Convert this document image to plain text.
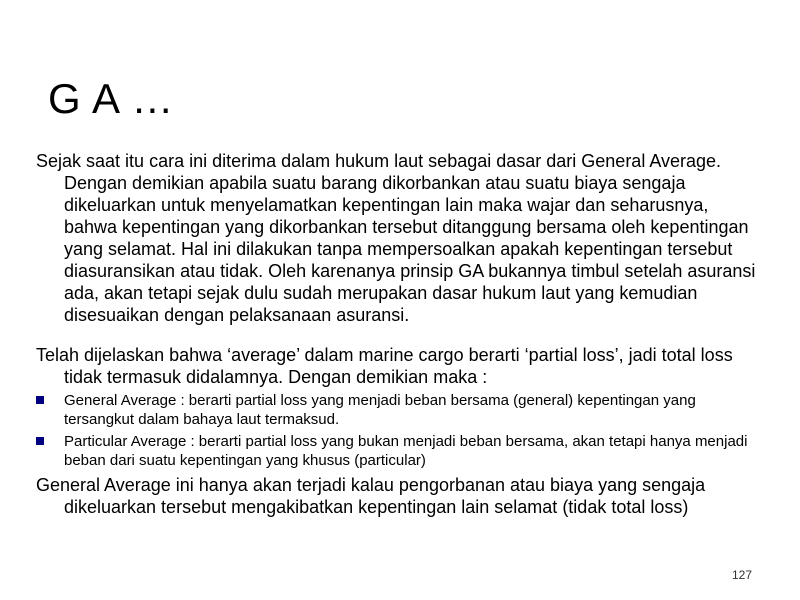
G A …

Sejak saat itu cara ini diterima dalam hukum laut sebagai dasar dari General Average. Dengan demikian apabila suatu barang dikorbankan atau suatu biaya sengaja dikeluarkan untuk menyelamatkan kepentingan lain maka wajar dan seharusnya, bahwa kepentingan yang dikorbankan tersebut ditanggung bersama oleh kepentingan yang selamat. Hal ini dilakukan tanpa mempersoalkan apakah kepentingan tersebut diasuransikan atau tidak. Oleh karenanya prinsip GA bukannya timbul setelah asuransi ada, akan tetapi sejak dulu sudah merupakan dasar hukum laut yang kemudian disesuaikan dengan pelaksanaan asuransi.

Telah dijelaskan bahwa ‘average’ dalam marine cargo berarti ‘partial loss’, jadi total loss tidak termasuk didalamnya. Dengan demikian maka :

General Average : berarti partial loss yang menjadi beban bersama (general) kepentingan yang tersangkut dalam bahaya laut termaksud.
Particular Average : berarti partial loss yang bukan menjadi beban bersama, akan tetapi hanya menjadi beban dari suatu kepentingan yang khusus (particular)

General Average ini hanya akan terjadi kalau pengorbanan atau biaya yang sengaja dikeluarkan tersebut mengakibatkan kepentingan lain selamat (tidak total loss)

127
